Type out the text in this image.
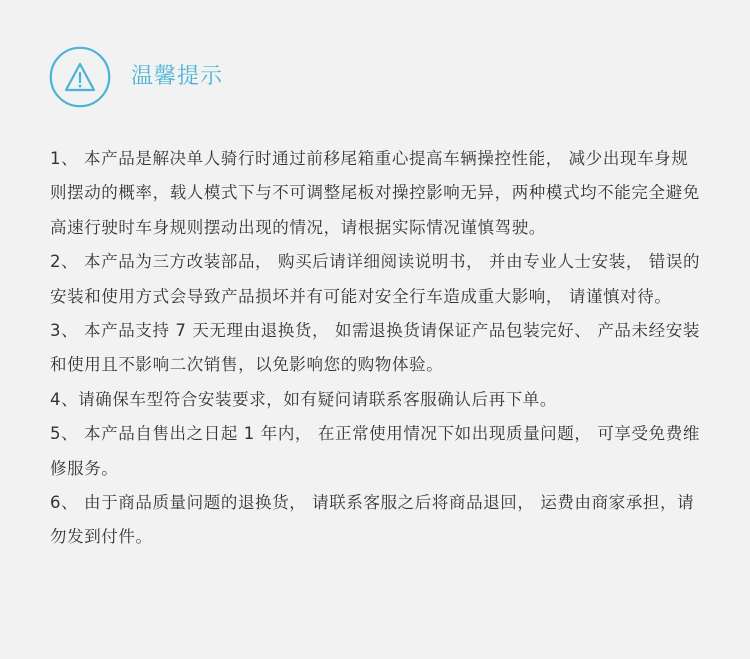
温馨提示

1、 本产品是解决单人骑行时通过前移尾箱重心提高车辆操控性能， 减少出现车身规则摆动的概率，载人模式下与不可调整尾板对操控影响无异，两种模式均不能完全避免高速行驶时车身规则摆动出现的情况，请根据实际情况谨慎驾驶。

2、 本产品为三方改装部品， 购买后请详细阅读说明书， 并由专业人士安装， 错误的安装和使用方式会导致产品损坏并有可能对安全行车造成重大影响， 请谨慎对待。

3、 本产品支持 7 天无理由退换货， 如需退换货请保证产品包装完好、 产品未经安装和使用且不影响二次销售，以免影响您的购物体验。

4、请确保车型符合安装要求，如有疑问请联系客服确认后再下单。

5、 本产品自售出之日起 1 年内， 在正常使用情况下如出现质量问题， 可享受免费维修服务。

6、 由于商品质量问题的退换货， 请联系客服之后将商品退回， 运费由商家承担，请勿发到付件。
